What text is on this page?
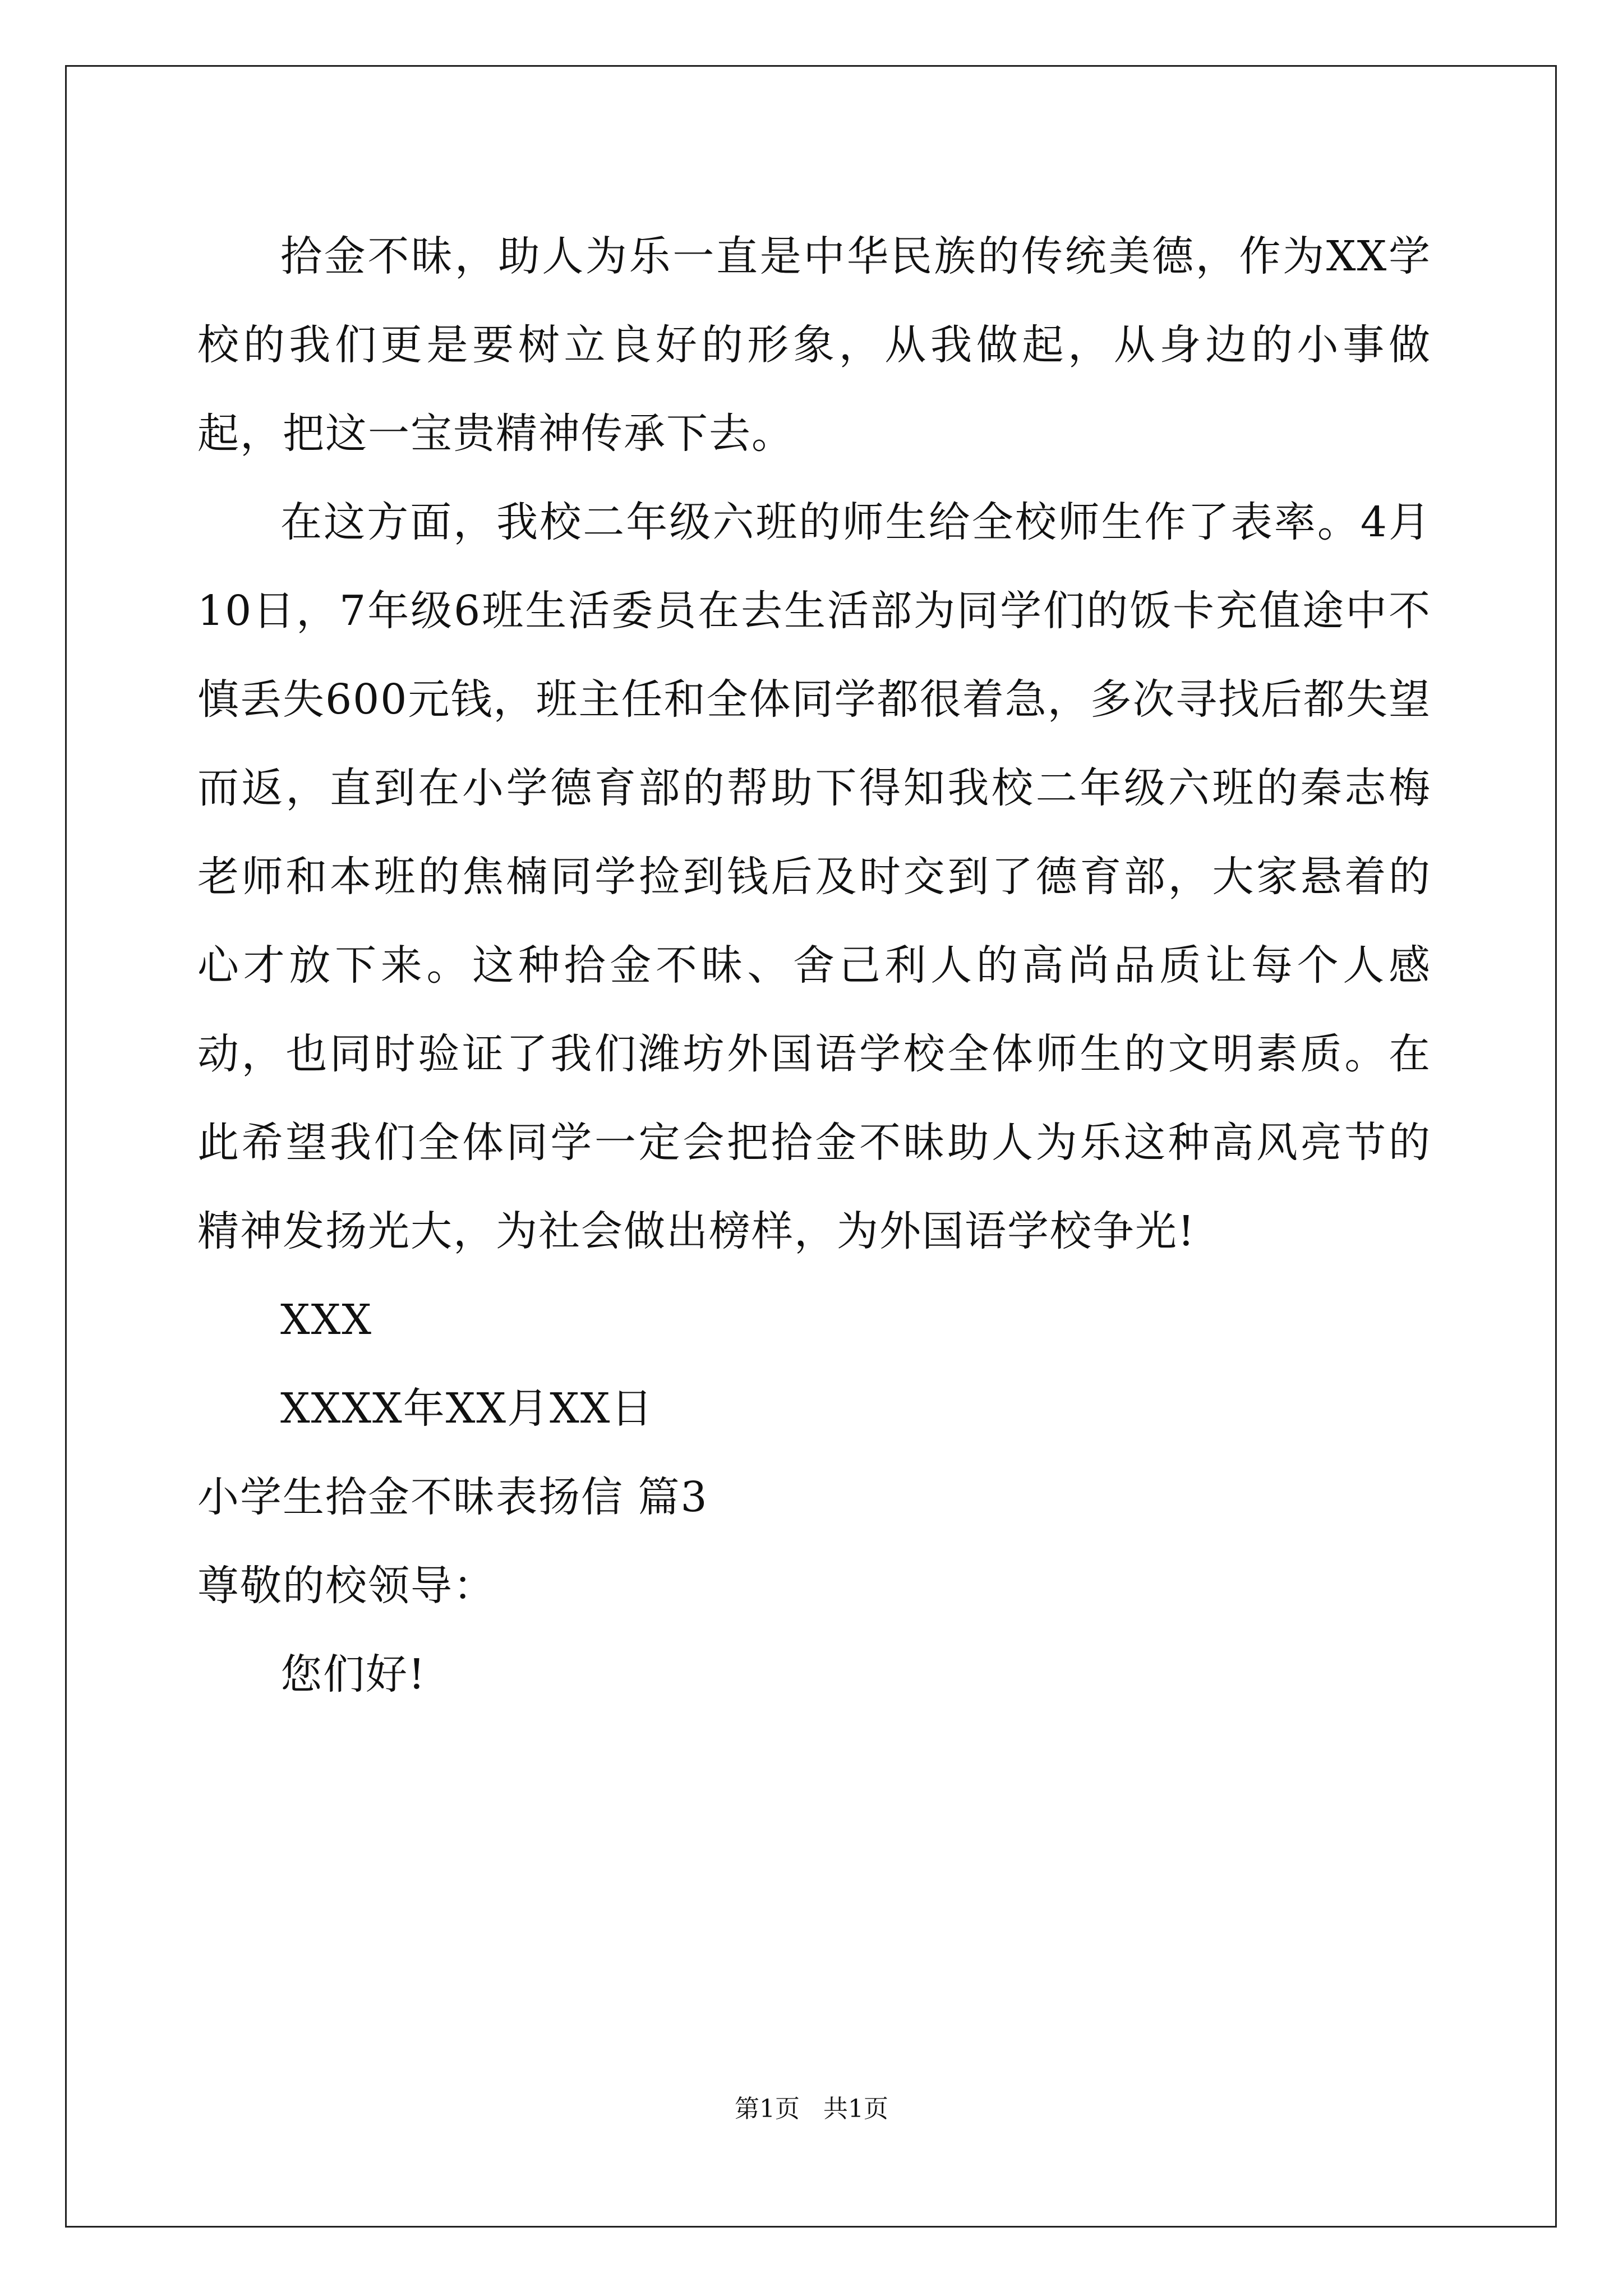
拾金不昧，助人为乐一直是中华民族的传统美德，作为XX学校的我们更是要树立良好的形象，从我做起，从身边的小事做起，把这一宝贵精神传承下去。

在这方面，我校二年级六班的师生给全校师生作了表率。4月10日，7年级6班生活委员在去生活部为同学们的饭卡充值途中不慎丢失600元钱，班主任和全体同学都很着急，多次寻找后都失望而返，直到在小学德育部的帮助下得知我校二年级六班的秦志梅老师和本班的焦楠同学捡到钱后及时交到了德育部，大家悬着的心才放下来。这种拾金不昧、舍己利人的高尚品质让每个人感动，也同时验证了我们潍坊外国语学校全体师生的文明素质。在此希望我们全体同学一定会把拾金不昧助人为乐这种高风亮节的精神发扬光大，为社会做出榜样，为外国语学校争光!

XXX

XXXX年XX月XX日

小学生拾金不昧表扬信 篇3

尊敬的校领导：

您们好!

第1页   共1页
